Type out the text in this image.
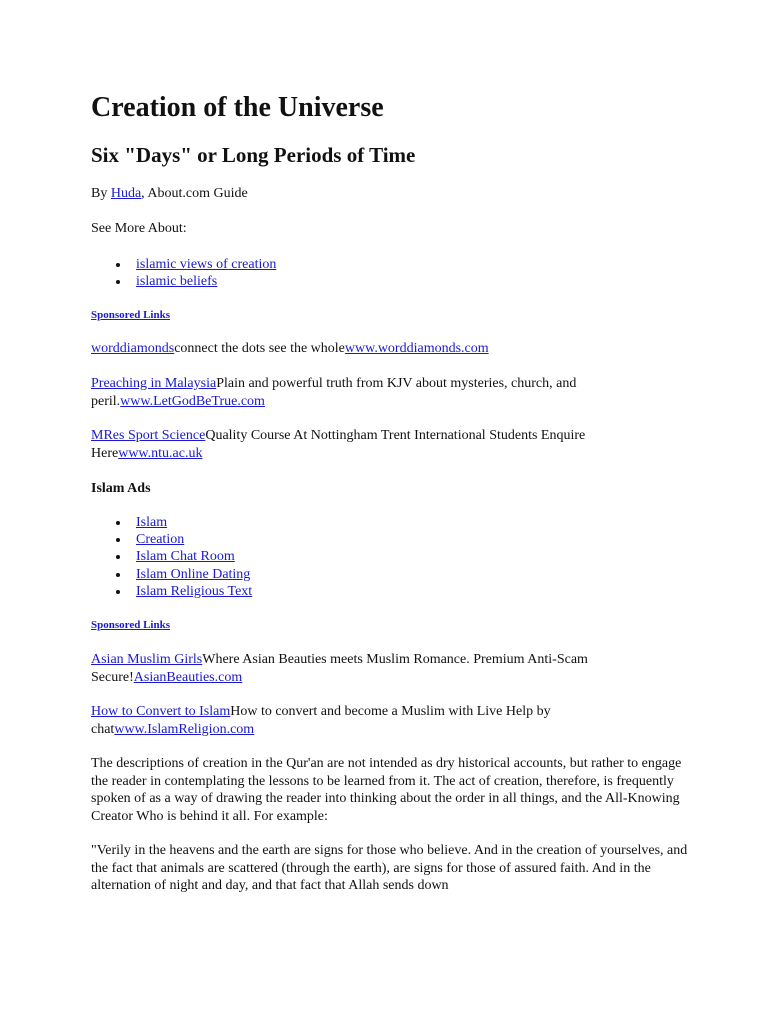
Creation of the Universe
Six "Days" or Long Periods of Time

By Huda, About.com Guide

See More About:

islamic views of creation
islamic beliefs

Sponsored Links

worddiamondsconnect the dots see the wholewww.worddiamonds.com

Preaching in MalaysiaPlain and powerful truth from KJV about mysteries, church, and peril.www.LetGodBeTrue.com

MRes Sport ScienceQuality Course At Nottingham Trent International Students Enquire Herewww.ntu.ac.uk

Islam Ads

Islam
Creation
Islam Chat Room
Islam Online Dating
Islam Religious Text

Sponsored Links

Asian Muslim GirlsWhere Asian Beauties meets Muslim Romance. Premium Anti-Scam Secure!AsianBeauties.com

How to Convert to IslamHow to convert and become a Muslim with Live Help by chatwww.IslamReligion.com

The descriptions of creation in the Qur'an are not intended as dry historical accounts, but rather to engage the reader in contemplating the lessons to be learned from it. The act of creation, therefore, is frequently spoken of as a way of drawing the reader into thinking about the order in all things, and the All-Knowing Creator Who is behind it all. For example:

"Verily in the heavens and the earth are signs for those who believe. And in the creation of yourselves, and the fact that animals are scattered (through the earth), are signs for those of assured faith. And in the alternation of night and day, and that fact that Allah sends down
